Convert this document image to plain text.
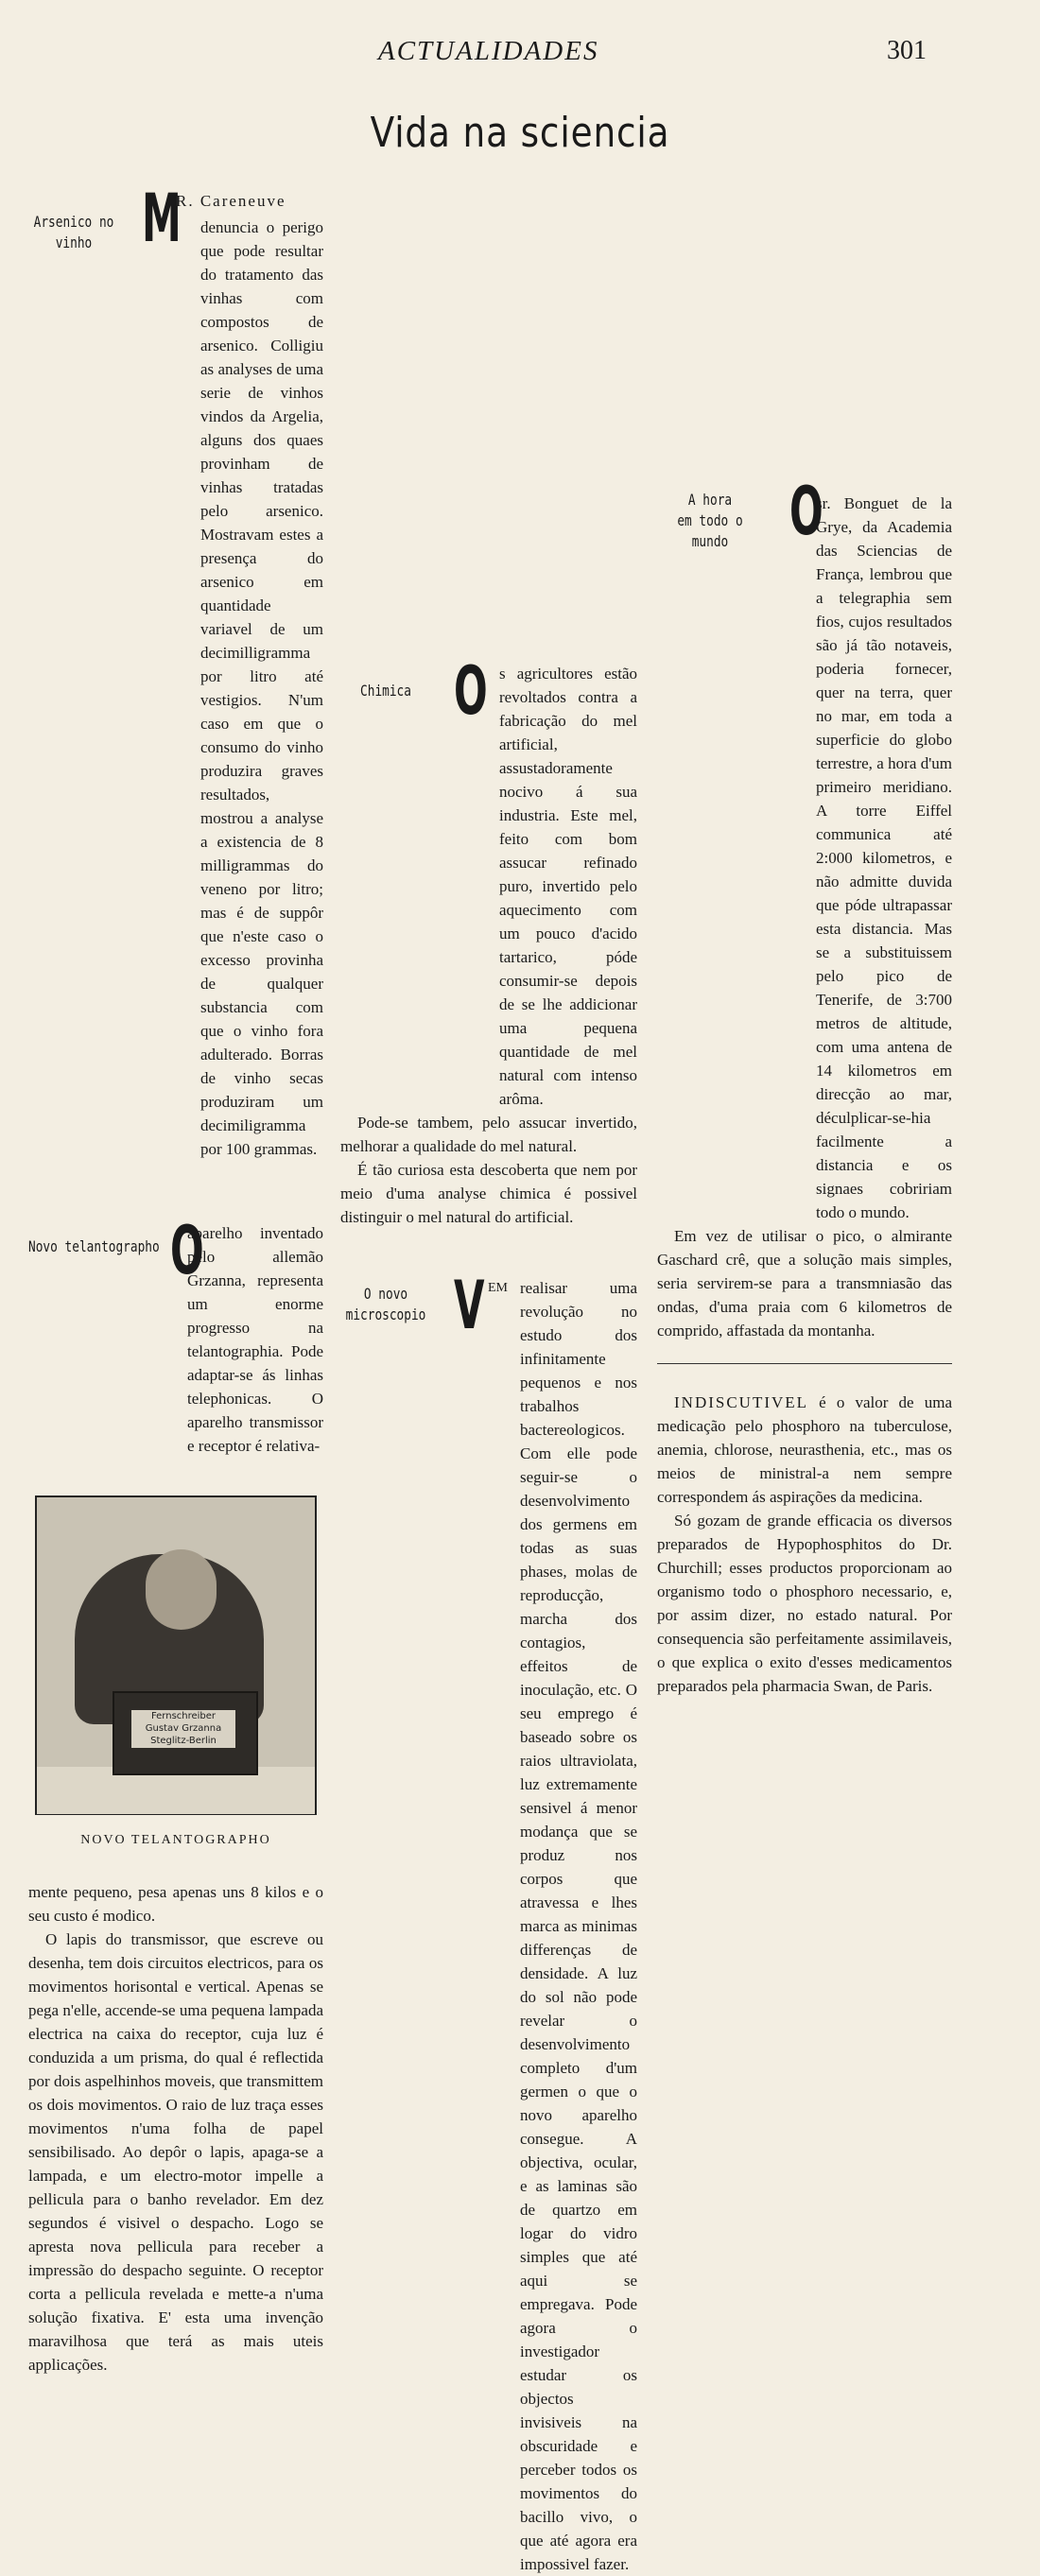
ACTUALIDADES	301
Vida na sciencia
Arsenico no vinho M
R. Careneuve

denuncia o perigo que pode resultar do tratamento das vinhas com compostos de arsenico. Colligiu as analyses de uma serie de vinhos vindos da Argelia, alguns dos quaes provinham de vinhas tratadas pelo arsenico. Mostravam estes a presença do arsenico em quantidade variavel de um decimilligramma por litro até vestigios. N'um caso em que o consumo do vinho produzira graves resultados, mostrou a analyse a existencia de 8 milligrammas do veneno por litro; mas é de suppôr que n'este caso o excesso provinha de qualquer substancia com que o vinho fora adulterado. Borras de vinho secas produziram um decimiligramma por 100 grammas.

Novo telantographo O

aparelho inventado pelo allemão Grzanna, representa um enorme progresso na telantographia. Pode adaptar-se ás linhas telephonicas. O aparelho transmissor e receptor é relativa-

Fernschreiber
Gustav Grzanna
Steglitz-Berlin
NOVO TELANTOGRAPHO

mente pequeno, pesa apenas uns 8 kilos e o seu custo é modico.

O lapis do transmissor, que escreve ou desenha, tem dois circuitos electricos, para os movimentos horisontal e vertical. Apenas se pega n'elle, accende-se uma pequena lampada electrica na caixa do receptor, cuja luz é conduzida a um prisma, do qual é reflectida por dois aspelhinhos moveis, que transmittem os dois movimentos. O raio de luz traça esses movimentos n'uma folha de papel sensibilisado. Ao depôr o lapis, apaga-se a lampada, e um electro-motor impelle a pellicula para o banho revelador. Em dez segundos é visivel o despacho. Logo se apresta nova pellicula para receber a impressão do despacho seguinte. O receptor corta a pellicula revelada e mette-a n'uma solução fixativa. E' esta uma invenção maravilhosa que terá as mais uteis applicações.

Chimica O s agricultores estão revoltados contra a fabricação do mel artificial, assustadoramente nocivo á sua industria. Este mel, feito com bom assucar refinado puro, invertido pelo aquecimento com um pouco d'acido tartarico, póde consumir-se depois de se lhe addicionar uma pequena quantidade de mel natural com intenso arôma.

Pode-se tambem, pelo assucar invertido, melhorar a qualidade do mel natural.

É tão curiosa esta descoberta que nem por meio d'uma analyse chimica é possivel distinguir o mel natural do artificial.

O novo microscopio V EM realisar uma revolução no estudo dos infinitamente pequenos e nos trabalhos bactereologicos. Com elle pode seguir-se o desenvolvimento dos germens em todas as suas phases, molas de reproducção, marcha dos contagios, effeitos de inoculação, etc. O seu emprego é baseado sobre os raios ultraviolata, luz extremamente sensivel á menor modança que se produz nos corpos que atravessa e lhes marca as minimas differenças de densidade. A luz do sol não pode revelar o desenvolvimento completo d'um germen o que o novo aparelho consegue. A objectiva, ocular, e as laminas são de quartzo em logar do vidro simples que até aqui se empregava. Pode agora o investigador estudar os objectos invisiveis na obscuridade e perceber todos os movimentos do bacillo vivo, o que até agora era impossivel fazer.

A hora
em todo o mundo O

sr. Bonguet de la Grye, da Academia das Sciencias de França, lembrou que a telegraphia sem fios, cujos resultados são já tão notaveis, poderia fornecer, quer na terra, quer no mar, em toda a superficie do globo terrestre, a hora d'um primeiro meridiano. A torre Eiffel communica até 2:000 kilometros, e não admitte duvida que póde ultrapassar esta distancia. Mas se a substituissem pelo pico de Tenerife, de 3:700 metros de altitude, com uma antena de 14 kilometros em direcção ao mar, déculplicar-se-hia facilmente a distancia e os signaes cobririam todo o mundo.

Em vez de utilisar o pico, o almirante Gaschard crê, que a solução mais simples, seria servirem-se para a transmniasão das ondas, d'uma praia com 6 kilometros de comprido, affastada da montanha.

INDISCUTIVEL é o valor de uma medicação pelo phosphoro na tuberculose, anemia, chlorose, neurasthenia, etc., mas os meios de ministral-a nem sempre correspondem ás aspirações da medicina.

Só gozam de grande efficacia os diversos preparados de Hypophosphitos do Dr. Churchill; esses productos proporcionam ao organismo todo o phosphoro necessario, e, por assim dizer, no estado natural. Por consequencia são perfeitamente assimilaveis, o que explica o exito d'esses medicamentos preparados pela pharmacia Swan, de Paris.
